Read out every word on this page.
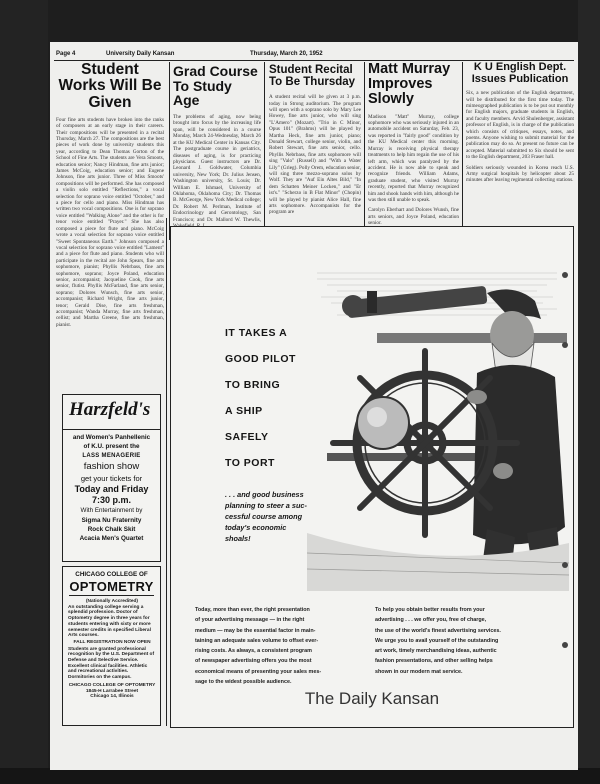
Page 4	University Daily Kansan	Thursday, March 20, 1952
Student Works Will Be Given
Four fine arts students have broken into the ranks of composers at an early stage in their careers. Their compositions will be presented in a recital Thursday, March 27. The compositions are the best pieces of work done by university students this year, according to Dean Thomas Gorton of the School of Fine Arts. The students are Vera Smoots, education senior; Nancy Hindman, fine arts junior; James McCoig, education senior; and Eugene Johnson, fine arts junior. Three of Miss Smoots' compositions will be performed. She has composed a violin solo entitled "Reflections," a vocal selection for soprano voice entitled "October," and a piece for cello and piano. Miss Hindman has written two vocal compositions. One is for soprano voice entitled "Walking Alone" and the other is for tenor voice entitled "Prayer." She has also composed a piece for flute and piano. McCoig wrote a vocal selection for soprano voice entitled "Sweet Spontaneous Earth." Johnson composed a vocal selection for soprano voice entitled "Lament" and a piece for flute and piano. Students who will participate in the recital are John Spears, fine arts sophomore, pianist; Phyllis Nebrbass, fine arts sophomore, soprano; Joyce Poland, education senior, accompanist; Jacqueline Cook, fine arts senior, flutist. Phyllis McFarland, fine arts senior, soprano; Dolores Wunsch, fine arts senior, accompanist; Richard Wright, fine arts junior, tenor; Gerald Dise, fine arts freshman, accompanist; Wanda Murray, fine arts freshman, cellist; and Martha Greene, fine arts freshman, pianist.
Grad Course To Study Age
The problems of aging, now being brought into focus by the increasing life span, will be considered in a course Monday, March 24-Wednesday, March 26 at the KU Medical Center in Kansas City. The postgraduate course in geriatrics, diseases of aging, is for practicing physicians. Guest instructors are Dr. Leonard J. Goldwater, Columbia university, New York; Dr. Julius Jensen, Washington university, St. Louis; Dr. William E. Ishmael, University of Oklahoma, Oklahoma City; Dr. Thomas B. McGeorge, New York Medical college; Dr. Robert M. Perlman, Institute of Endocrinology and Gerontology, San Francisco; and Dr. Mallord W. Thewlis,
Student Recital To Be Thursday
A student recital will be given at 3 p.m. today in Strong auditorium. The program will open with a soprano solo by Mary Lee Howey, fine arts junior, who will sing "L'Amero" (Mozart). "Trio in C Minor, Opus 101" (Brahms) will be played by Martha Heck, fine arts junior, piano; Donald Stewart, college senior, violin, and Robert Stewart, fine arts senior, cello. Phyllis Nebrbass, fine arts sophomore will sing "Valo" (Russell) and "With a Water Lily" (Grieg). Polly Orem, education senior, will sing three mezzo-soprano solos by Wolf. They are "Auf Ein Altes Bild," "In dem Schatten Meiner Locken," and "Er ist's." "Scherzo in B Flat Minor" (Chopin) will be played by pianist Alice Hall, fine arts sophomore. Accompanists for the program are
Matt Murray Improves Slowly
Madison "Matt" Murray, college sophomore who was seriously injured in an automobile accident on Saturday, Feb. 23, was reported in "fairly good" condition by the KU Medical center this morning. Murray is receiving physical therapy treatments to help him regain the use of his left arm, which was paralyzed by the accident. He is now able to speak and recognize friends. William Adams, graduate student, who visited Murray recently, reported that Murray recognized him and shook hands with him, although he was then still unable to speak.
Carolyn Eberhart and Dolores Wunsh, fine arts seniors, and Joyce Poland, education senior.
K U English Dept. Issues Publication
Six, a new publication of the English department, will be distributed for the first time today. The mimeographed publication is to be put out monthly for English majors, graduate students in English, and faculty members. Arvid Shulenberger, assistant professor of English, is in charge of the publication which consists of critiques, essays, notes, and poems. Anyone wishing to submit material for the publication may do so. At present no future can be accepted. Material submitted to Six should be sent to the English department, 203 Fraser hall.
Soldiers seriously wounded in Korea reach U.S. Army surgical hospitals by helicopter about 25 minutes after leaving regimental collecting stations.
Harzfeld's
and Women's Panhellenic
of K.U. present the
LASS MENAGERIE
fashion show
get your tickets for
Today and Friday
7:30 p.m.
With Entertainment by
Sigma Nu Fraternity
Rock Chalk Skit
Acacia Men's Quartet
CHICAGO COLLEGE OF
OPTOMETRY
(Nationally Accredited)
An outstanding college serving a splendid profession. Doctor of Optometry degree in three years for students entering with sixty or more semester credits in specified Liberal Arts courses.
FALL REGISTRATION NOW OPEN
Students are granted professional recognition by the U.S. Department of Defense and Selective Service. Excellent clinical facilities. Athletic and recreational activities. Dormitories on the campus.
CHICAGO COLLEGE OF OPTOMETRY
1845-H Larrabee Street
Chicago 14, Illinois
IT TAKES A
GOOD PILOT
TO BRING
A SHIP
SAFELY
TO PORT
. . . and good business
planning to steer a suc-
cessful course among
today's economic
shoals!
Today, more than ever, the right presentation
of your advertising message — in the right
medium — may be the essential factor in main-
taining an adequate sales volume to offset ever-
rising costs. As always, a consistent program
of newspaper advertising offers you the most
economical means of presenting your sales mes-
sage to the widest possible audience.
To help you obtain better results from your
advertising . . . we offer you, free of charge,
the use of the world's finest advertising services.
We urge you to avail yourself of the outstanding
art work, timely merchandising ideas, authentic
fashion presentations, and other selling helps
shown in our modern mat service.
The Daily Kansan
